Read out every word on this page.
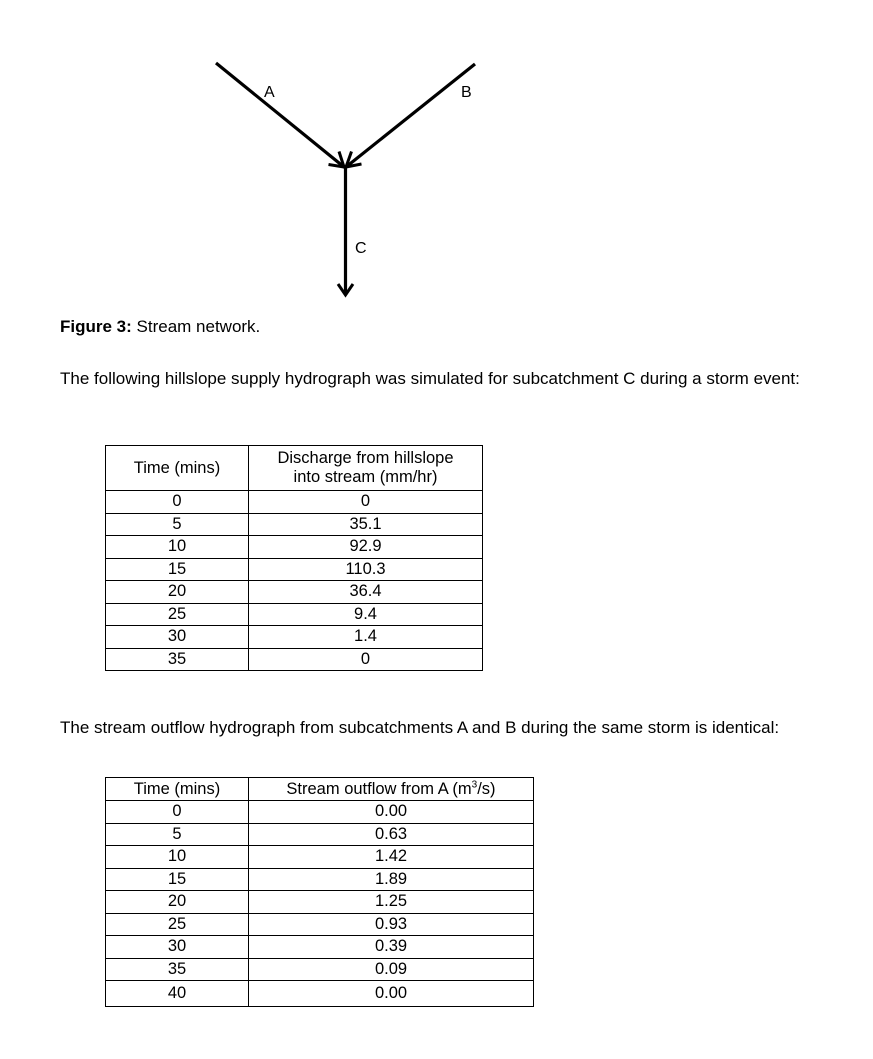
A	B
C
Figure 3: Stream network.
The following hillslope supply hydrograph was simulated for subcatchment C during a storm event:
Time (mins)	Discharge from hillslope
into stream (mm/hr)
0	0
5	35.1
10	92.9
15	110.3
20	36.4
25	9.4
30	1.4
35	0
The stream outflow hydrograph from subcatchments A and B during the same storm is identical:
Time (mins)	Stream outflow from A $(m^3/s)$
0	0.00
5	0.63
10	1.42
15	1.89
20	1.25
25	0.93
30	0.39
35	0.09
40	0.00
